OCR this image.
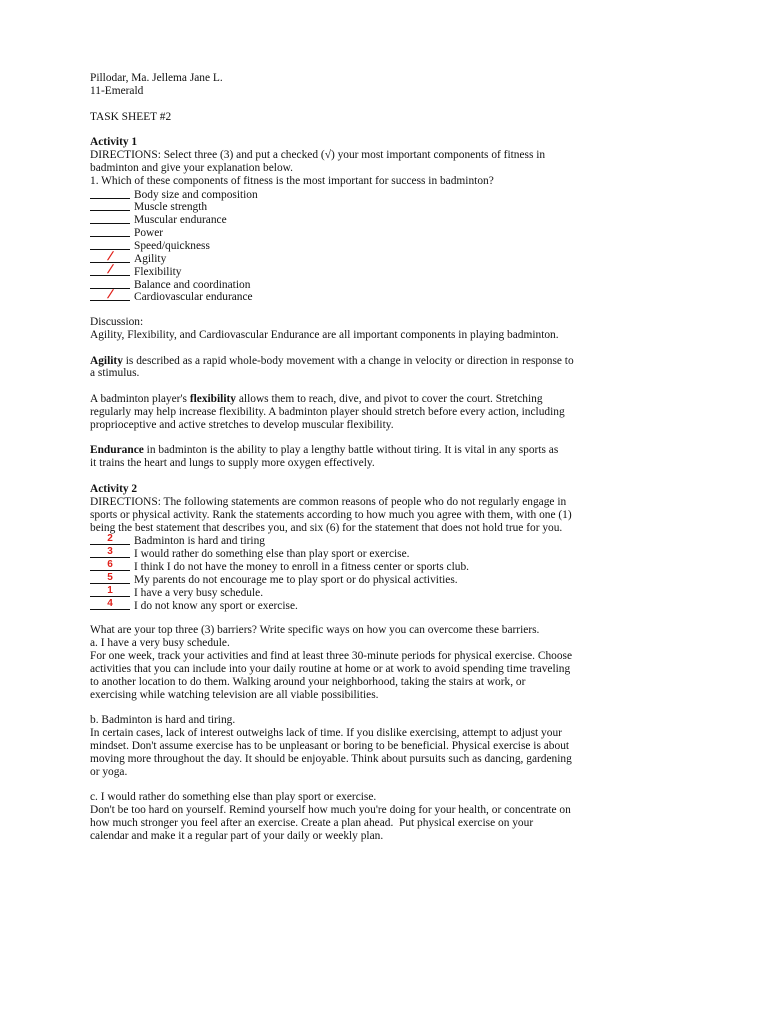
Pillodar, Ma. Jellema Jane L.
11-Emerald
TASK SHEET #2
Activity 1
DIRECTIONS: Select three (3) and put a checked (√) your most important components of fitness in
badminton and give your explanation below.
1. Which of these components of fitness is the most important for success in badminton?
Body size and composition
Muscle strength
Muscular endurance
Power
Speed/quickness
/	Agility
/	Flexibility
Balance and coordination
/	Cardiovascular endurance
Discussion:
Agility, Flexibility, and Cardiovascular Endurance are all important components in playing badminton.
Agility is described as a rapid whole-body movement with a change in velocity or direction in response to
a stimulus.
A badminton player's flexibility allows them to reach, dive, and pivot to cover the court. Stretching
regularly may help increase flexibility. A badminton player should stretch before every action, including
proprioceptive and active stretches to develop muscular flexibility.
Endurance in badminton is the ability to play a lengthy battle without tiring. It is vital in any sports as
it trains the heart and lungs to supply more oxygen effectively.
Activity 2
DIRECTIONS: The following statements are common reasons of people who do not regularly engage in
sports or physical activity. Rank the statements according to how much you agree with them, with one (1)
being the best statement that describes you, and six (6) for the statement that does not hold true for you.
2	Badminton is hard and tiring
3	I would rather do something else than play sport or exercise.
6	I think I do not have the money to enroll in a fitness center or sports club.
5	My parents do not encourage me to play sport or do physical activities.
1	I have a very busy schedule.
4	I do not know any sport or exercise.
What are your top three (3) barriers? Write specific ways on how you can overcome these barriers.
a. I have a very busy schedule.
For one week, track your activities and find at least three 30-minute periods for physical exercise. Choose
activities that you can include into your daily routine at home or at work to avoid spending time traveling
to another location to do them. Walking around your neighborhood, taking the stairs at work, or
exercising while watching television are all viable possibilities.
b. Badminton is hard and tiring.
In certain cases, lack of interest outweighs lack of time. If you dislike exercising, attempt to adjust your
mindset. Don't assume exercise has to be unpleasant or boring to be beneficial. Physical exercise is about
moving more throughout the day. It should be enjoyable. Think about pursuits such as dancing, gardening
or yoga.
c. I would rather do something else than play sport or exercise.
Don't be too hard on yourself. Remind yourself how much you're doing for your health, or concentrate on
how much stronger you feel after an exercise. Create a plan ahead.  Put physical exercise on your
calendar and make it a regular part of your daily or weekly plan.
